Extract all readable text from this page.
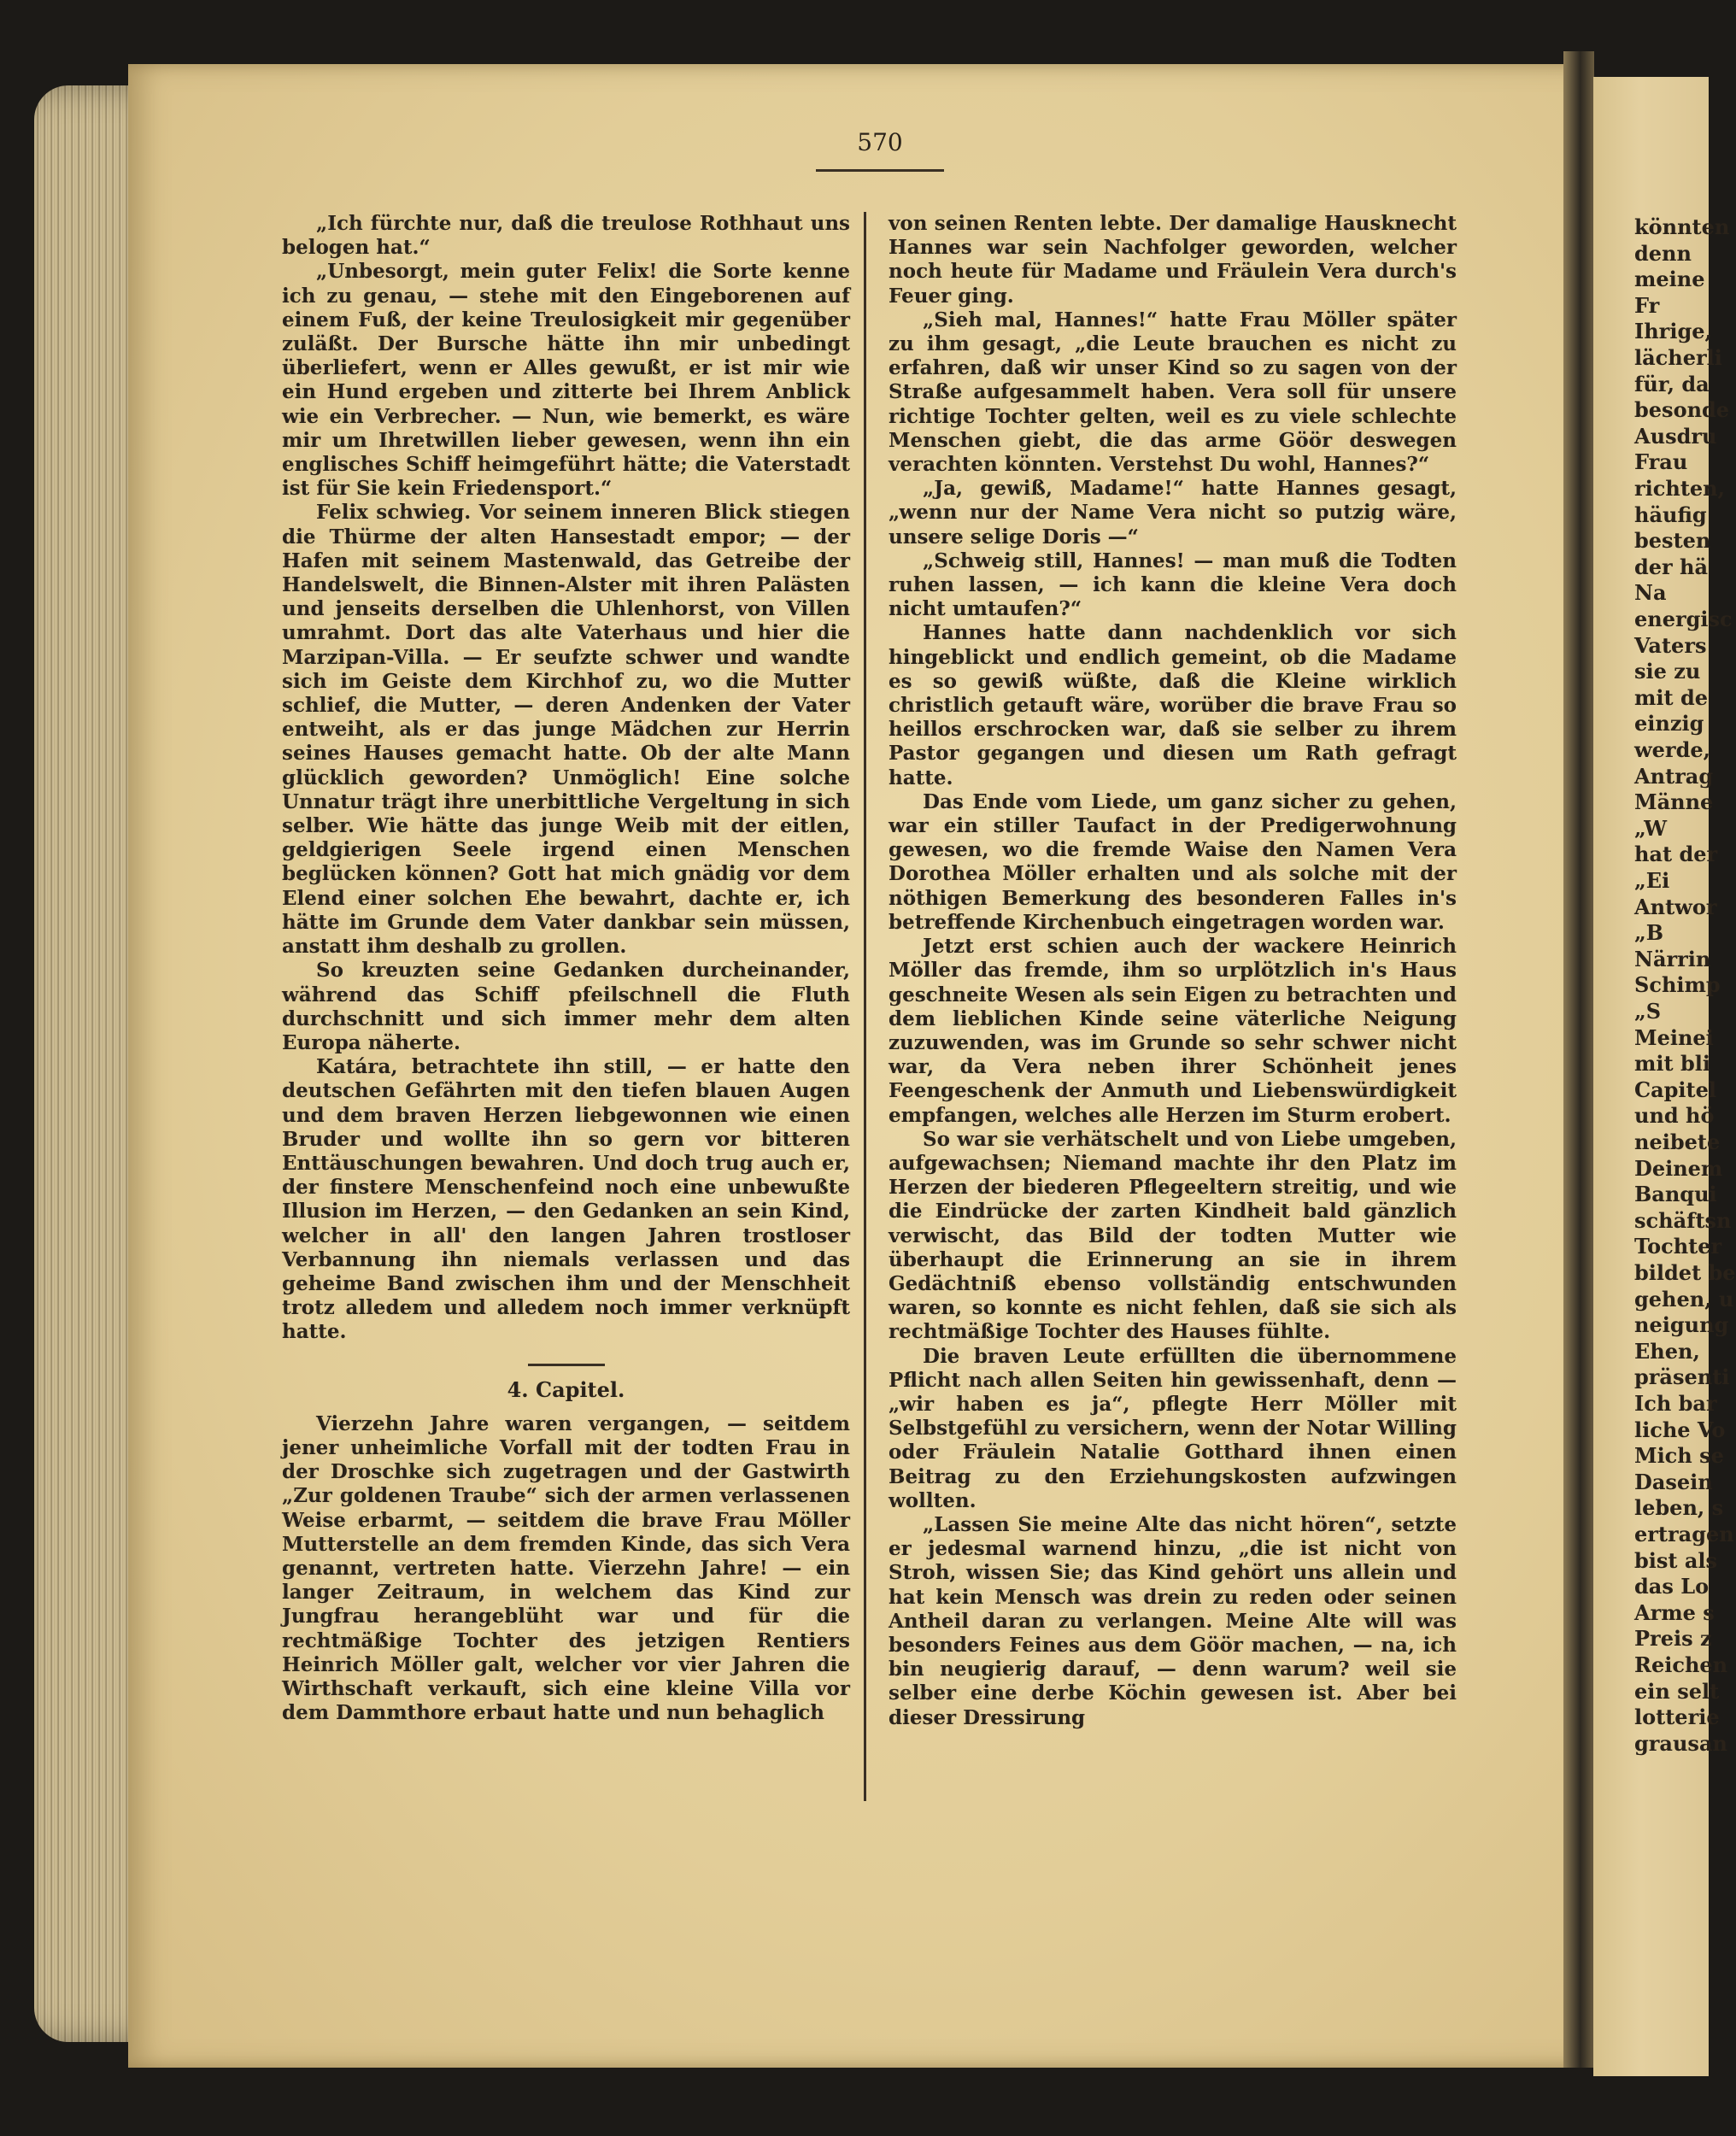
könnten

denn

meine

Fr

Ihrige,

lächerli

für, da

besonde

Ausdru

Frau

richten,

häufig

besten

der hä

Na

energisc

Vaters

sie zu

mit de

einzig

werde,

Antrag

Männe

„W

hat der

„Ei

Antwor

„B

Närrin

Schimp

„S

Meinei

mit bli

Capitel

und hö

neibete

Deinem

Banqui

schäftsn

Tochter

bildet be

gehen, u

neigung

Ehen,

präsenti

Ich bar

liche Vo

Mich se

Dasein

leben, s

ertragen

bist als

das Lo

Arme s

Preis z

Reichen

ein selt

lotterie

grausan

570

„Ich fürchte nur, daß die treulose Rothhaut uns belogen hat.“

„Unbesorgt, mein guter Felix! die Sorte kenne ich zu genau, — stehe mit den Eingeborenen auf einem Fuß, der keine Treulosigkeit mir gegenüber zuläßt. Der Bursche hätte ihn mir unbedingt überliefert, wenn er Alles gewußt, er ist mir wie ein Hund ergeben und zitterte bei Ihrem Anblick wie ein Verbrecher. — Nun, wie bemerkt, es wäre mir um Ihretwillen lieber gewesen, wenn ihn ein englisches Schiff heimgeführt hätte; die Vaterstadt ist für Sie kein Friedensport.“

Felix schwieg. Vor seinem inneren Blick stiegen die Thürme der alten Hansestadt empor; — der Hafen mit seinem Mastenwald, das Getreibe der Handelswelt, die Binnen-Alster mit ihren Palästen und jenseits derselben die Uhlenhorst, von Villen umrahmt. Dort das alte Vaterhaus und hier die Marzipan-Villa. — Er seufzte schwer und wandte sich im Geiste dem Kirchhof zu, wo die Mutter schlief, die Mutter, — deren Andenken der Vater entweiht, als er das junge Mädchen zur Herrin seines Hauses gemacht hatte. Ob der alte Mann glücklich geworden? Unmöglich! Eine solche Unnatur trägt ihre unerbittliche Vergeltung in sich selber. Wie hätte das junge Weib mit der eitlen, geldgierigen Seele irgend einen Menschen beglücken können? Gott hat mich gnädig vor dem Elend einer solchen Ehe bewahrt, dachte er, ich hätte im Grunde dem Vater dankbar sein müssen, anstatt ihm deshalb zu grollen.

So kreuzten seine Gedanken durcheinander, während das Schiff pfeilschnell die Fluth durchschnitt und sich immer mehr dem alten Europa näherte.

Katára, betrachtete ihn still, — er hatte den deutschen Gefährten mit den tiefen blauen Augen und dem braven Herzen liebgewonnen wie einen Bruder und wollte ihn so gern vor bitteren Enttäuschungen bewahren. Und doch trug auch er, der finstere Menschenfeind noch eine unbewußte Illusion im Herzen, — den Gedanken an sein Kind, welcher in all' den langen Jahren trostloser Verbannung ihn niemals verlassen und das geheime Band zwischen ihm und der Menschheit trotz alledem und alledem noch immer verknüpft hatte.

4. Capitel.

Vierzehn Jahre waren vergangen, — seitdem jener unheimliche Vorfall mit der todten Frau in der Droschke sich zugetragen und der Gastwirth „Zur goldenen Traube“ sich der armen verlassenen Weise erbarmt, — seitdem die brave Frau Möller Mutterstelle an dem fremden Kinde, das sich Vera genannt, vertreten hatte. Vierzehn Jahre! — ein langer Zeitraum, in welchem das Kind zur Jungfrau herangeblüht war und für die rechtmäßige Tochter des jetzigen Rentiers Heinrich Möller galt, welcher vor vier Jahren die Wirthschaft verkauft, sich eine kleine Villa vor dem Dammthore erbaut hatte und nun behaglich

von seinen Renten lebte. Der damalige Hausknecht Hannes war sein Nachfolger geworden, welcher noch heute für Madame und Fräulein Vera durch's Feuer ging.

„Sieh mal, Hannes!“ hatte Frau Möller später zu ihm gesagt, „die Leute brauchen es nicht zu erfahren, daß wir unser Kind so zu sagen von der Straße aufgesammelt haben. Vera soll für unsere richtige Tochter gelten, weil es zu viele schlechte Menschen giebt, die das arme Göör deswegen verachten könnten. Verstehst Du wohl, Hannes?“

„Ja, gewiß, Madame!“ hatte Hannes gesagt, „wenn nur der Name Vera nicht so putzig wäre, unsere selige Doris —“

„Schweig still, Hannes! — man muß die Todten ruhen lassen, — ich kann die kleine Vera doch nicht umtaufen?“

Hannes hatte dann nachdenklich vor sich hingeblickt und endlich gemeint, ob die Madame es so gewiß wüßte, daß die Kleine wirklich christlich getauft wäre, worüber die brave Frau so heillos erschrocken war, daß sie selber zu ihrem Pastor gegangen und diesen um Rath gefragt hatte.

Das Ende vom Liede, um ganz sicher zu gehen, war ein stiller Taufact in der Predigerwohnung gewesen, wo die fremde Waise den Namen Vera Dorothea Möller erhalten und als solche mit der nöthigen Bemerkung des besonderen Falles in's betreffende Kirchenbuch eingetragen worden war.

Jetzt erst schien auch der wackere Heinrich Möller das fremde, ihm so urplötzlich in's Haus geschneite Wesen als sein Eigen zu betrachten und dem lieblichen Kinde seine väterliche Neigung zuzuwenden, was im Grunde so sehr schwer nicht war, da Vera neben ihrer Schönheit jenes Feengeschenk der Anmuth und Liebenswürdigkeit empfangen, welches alle Herzen im Sturm erobert.

So war sie verhätschelt und von Liebe umgeben, aufgewachsen; Niemand machte ihr den Platz im Herzen der biederen Pflegeeltern streitig, und wie die Eindrücke der zarten Kindheit bald gänzlich verwischt, das Bild der todten Mutter wie überhaupt die Erinnerung an sie in ihrem Gedächtniß ebenso vollständig entschwunden waren, so konnte es nicht fehlen, daß sie sich als rechtmäßige Tochter des Hauses fühlte.

Die braven Leute erfüllten die übernommene Pflicht nach allen Seiten hin gewissenhaft, denn — „wir haben es ja“, pflegte Herr Möller mit Selbstgefühl zu versichern, wenn der Notar Willing oder Fräulein Natalie Gotthard ihnen einen Beitrag zu den Erziehungskosten aufzwingen wollten.

„Lassen Sie meine Alte das nicht hören“, setzte er jedesmal warnend hinzu, „die ist nicht von Stroh, wissen Sie; das Kind gehört uns allein und hat kein Mensch was drein zu reden oder seinen Antheil daran zu verlangen. Meine Alte will was besonders Feines aus dem Göör machen, — na, ich bin neugierig darauf, — denn warum? weil sie selber eine derbe Köchin gewesen ist. Aber bei dieser Dressirung
